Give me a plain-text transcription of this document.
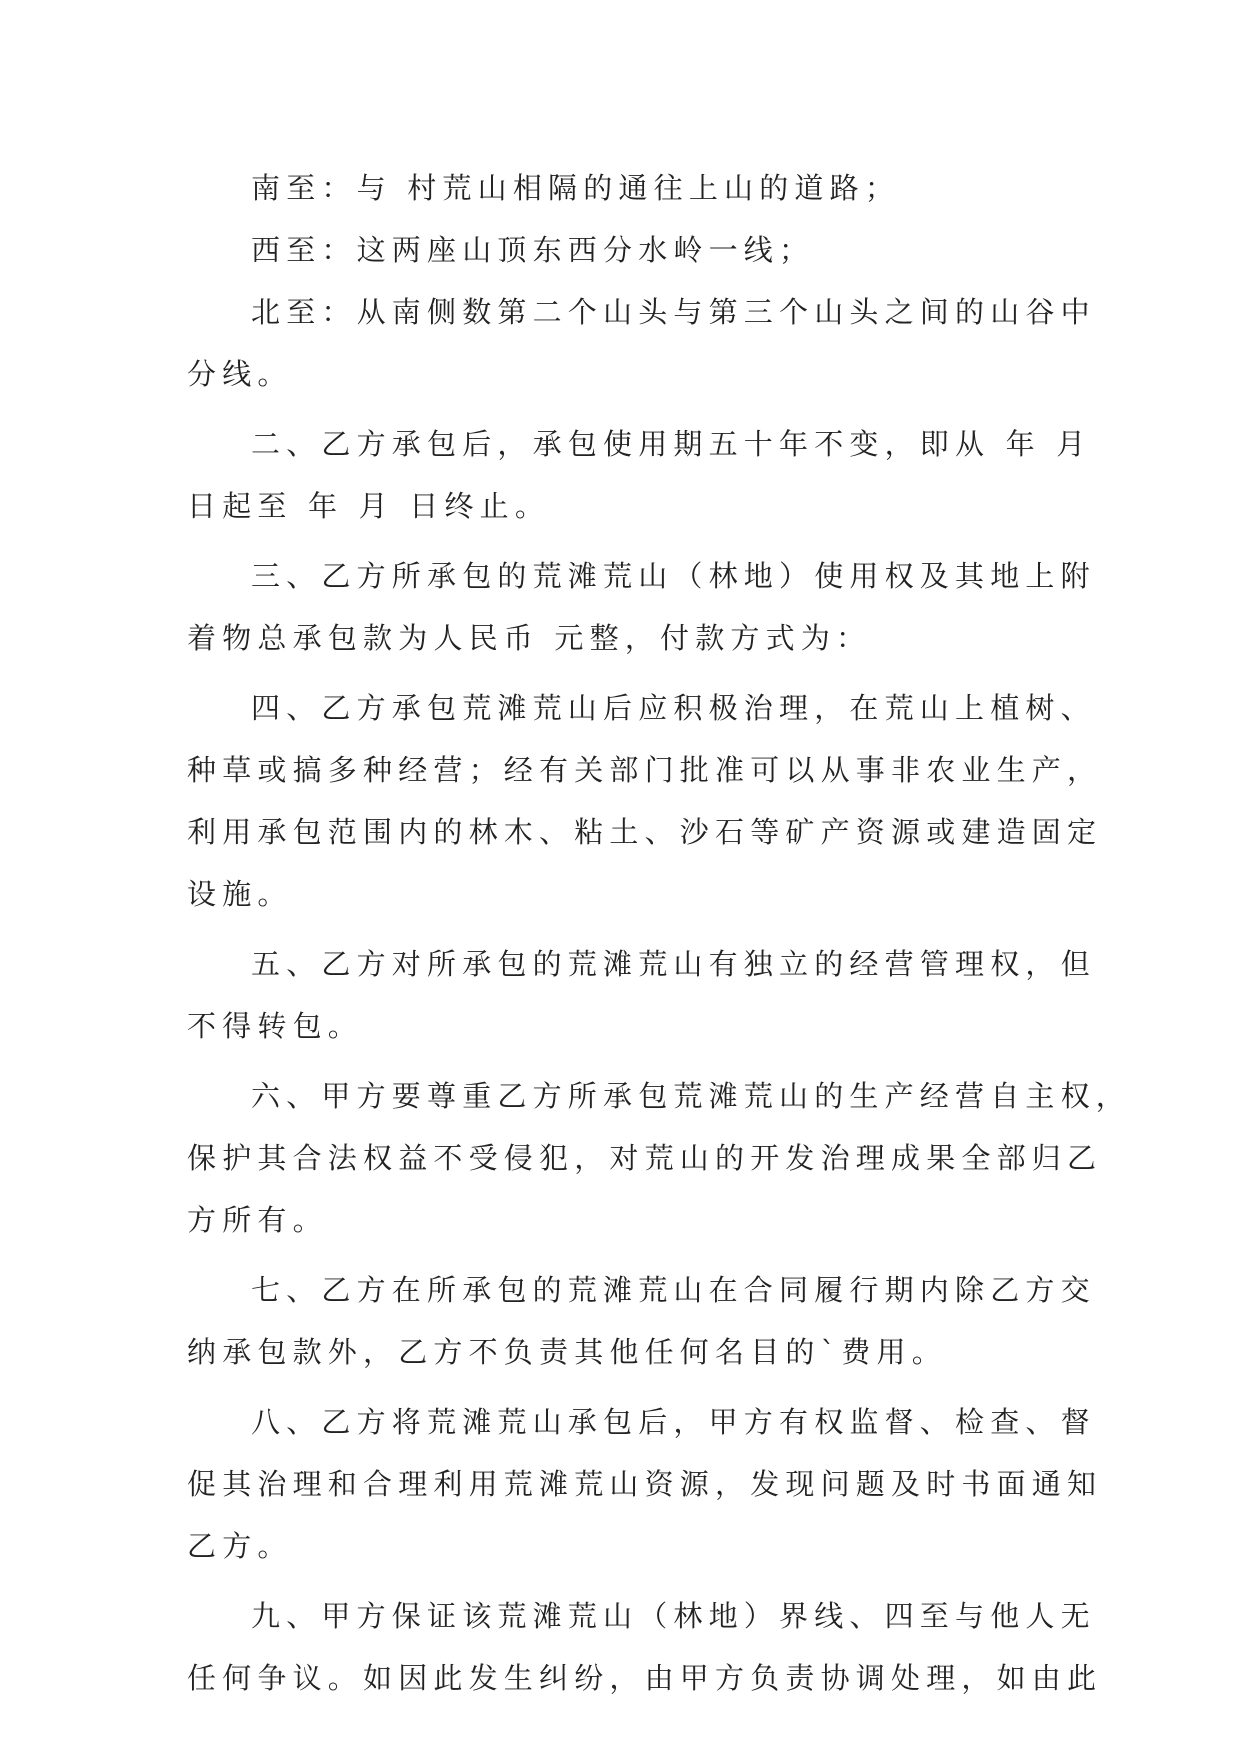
南至：与 村荒山相隔的通往上山的道路；

西至：这两座山顶东西分水岭一线；

北至：从南侧数第二个山头与第三个山头之间的山谷中
分线。

二、乙方承包后，承包使用期五十年不变，即从 年 月
日起至 年 月 日终止。

三、乙方所承包的荒滩荒山（林地）使用权及其地上附
着物总承包款为人民币 元整，付款方式为：

四、乙方承包荒滩荒山后应积极治理，在荒山上植树、
种草或搞多种经营；经有关部门批准可以从事非农业生产，
利用承包范围内的林木、粘土、沙石等矿产资源或建造固定
设施。

五、乙方对所承包的荒滩荒山有独立的经营管理权，但
不得转包。

六、甲方要尊重乙方所承包荒滩荒山的生产经营自主权，
保护其合法权益不受侵犯，对荒山的开发治理成果全部归乙
方所有。

七、乙方在所承包的荒滩荒山在合同履行期内除乙方交
纳承包款外，乙方不负责其他任何名目的`费用。

八、乙方将荒滩荒山承包后，甲方有权监督、检查、督
促其治理和合理利用荒滩荒山资源，发现问题及时书面通知
乙方。

九、甲方保证该荒滩荒山（林地）界线、四至与他人无
任何争议。如因此发生纠纷，由甲方负责协调处理，如由此
